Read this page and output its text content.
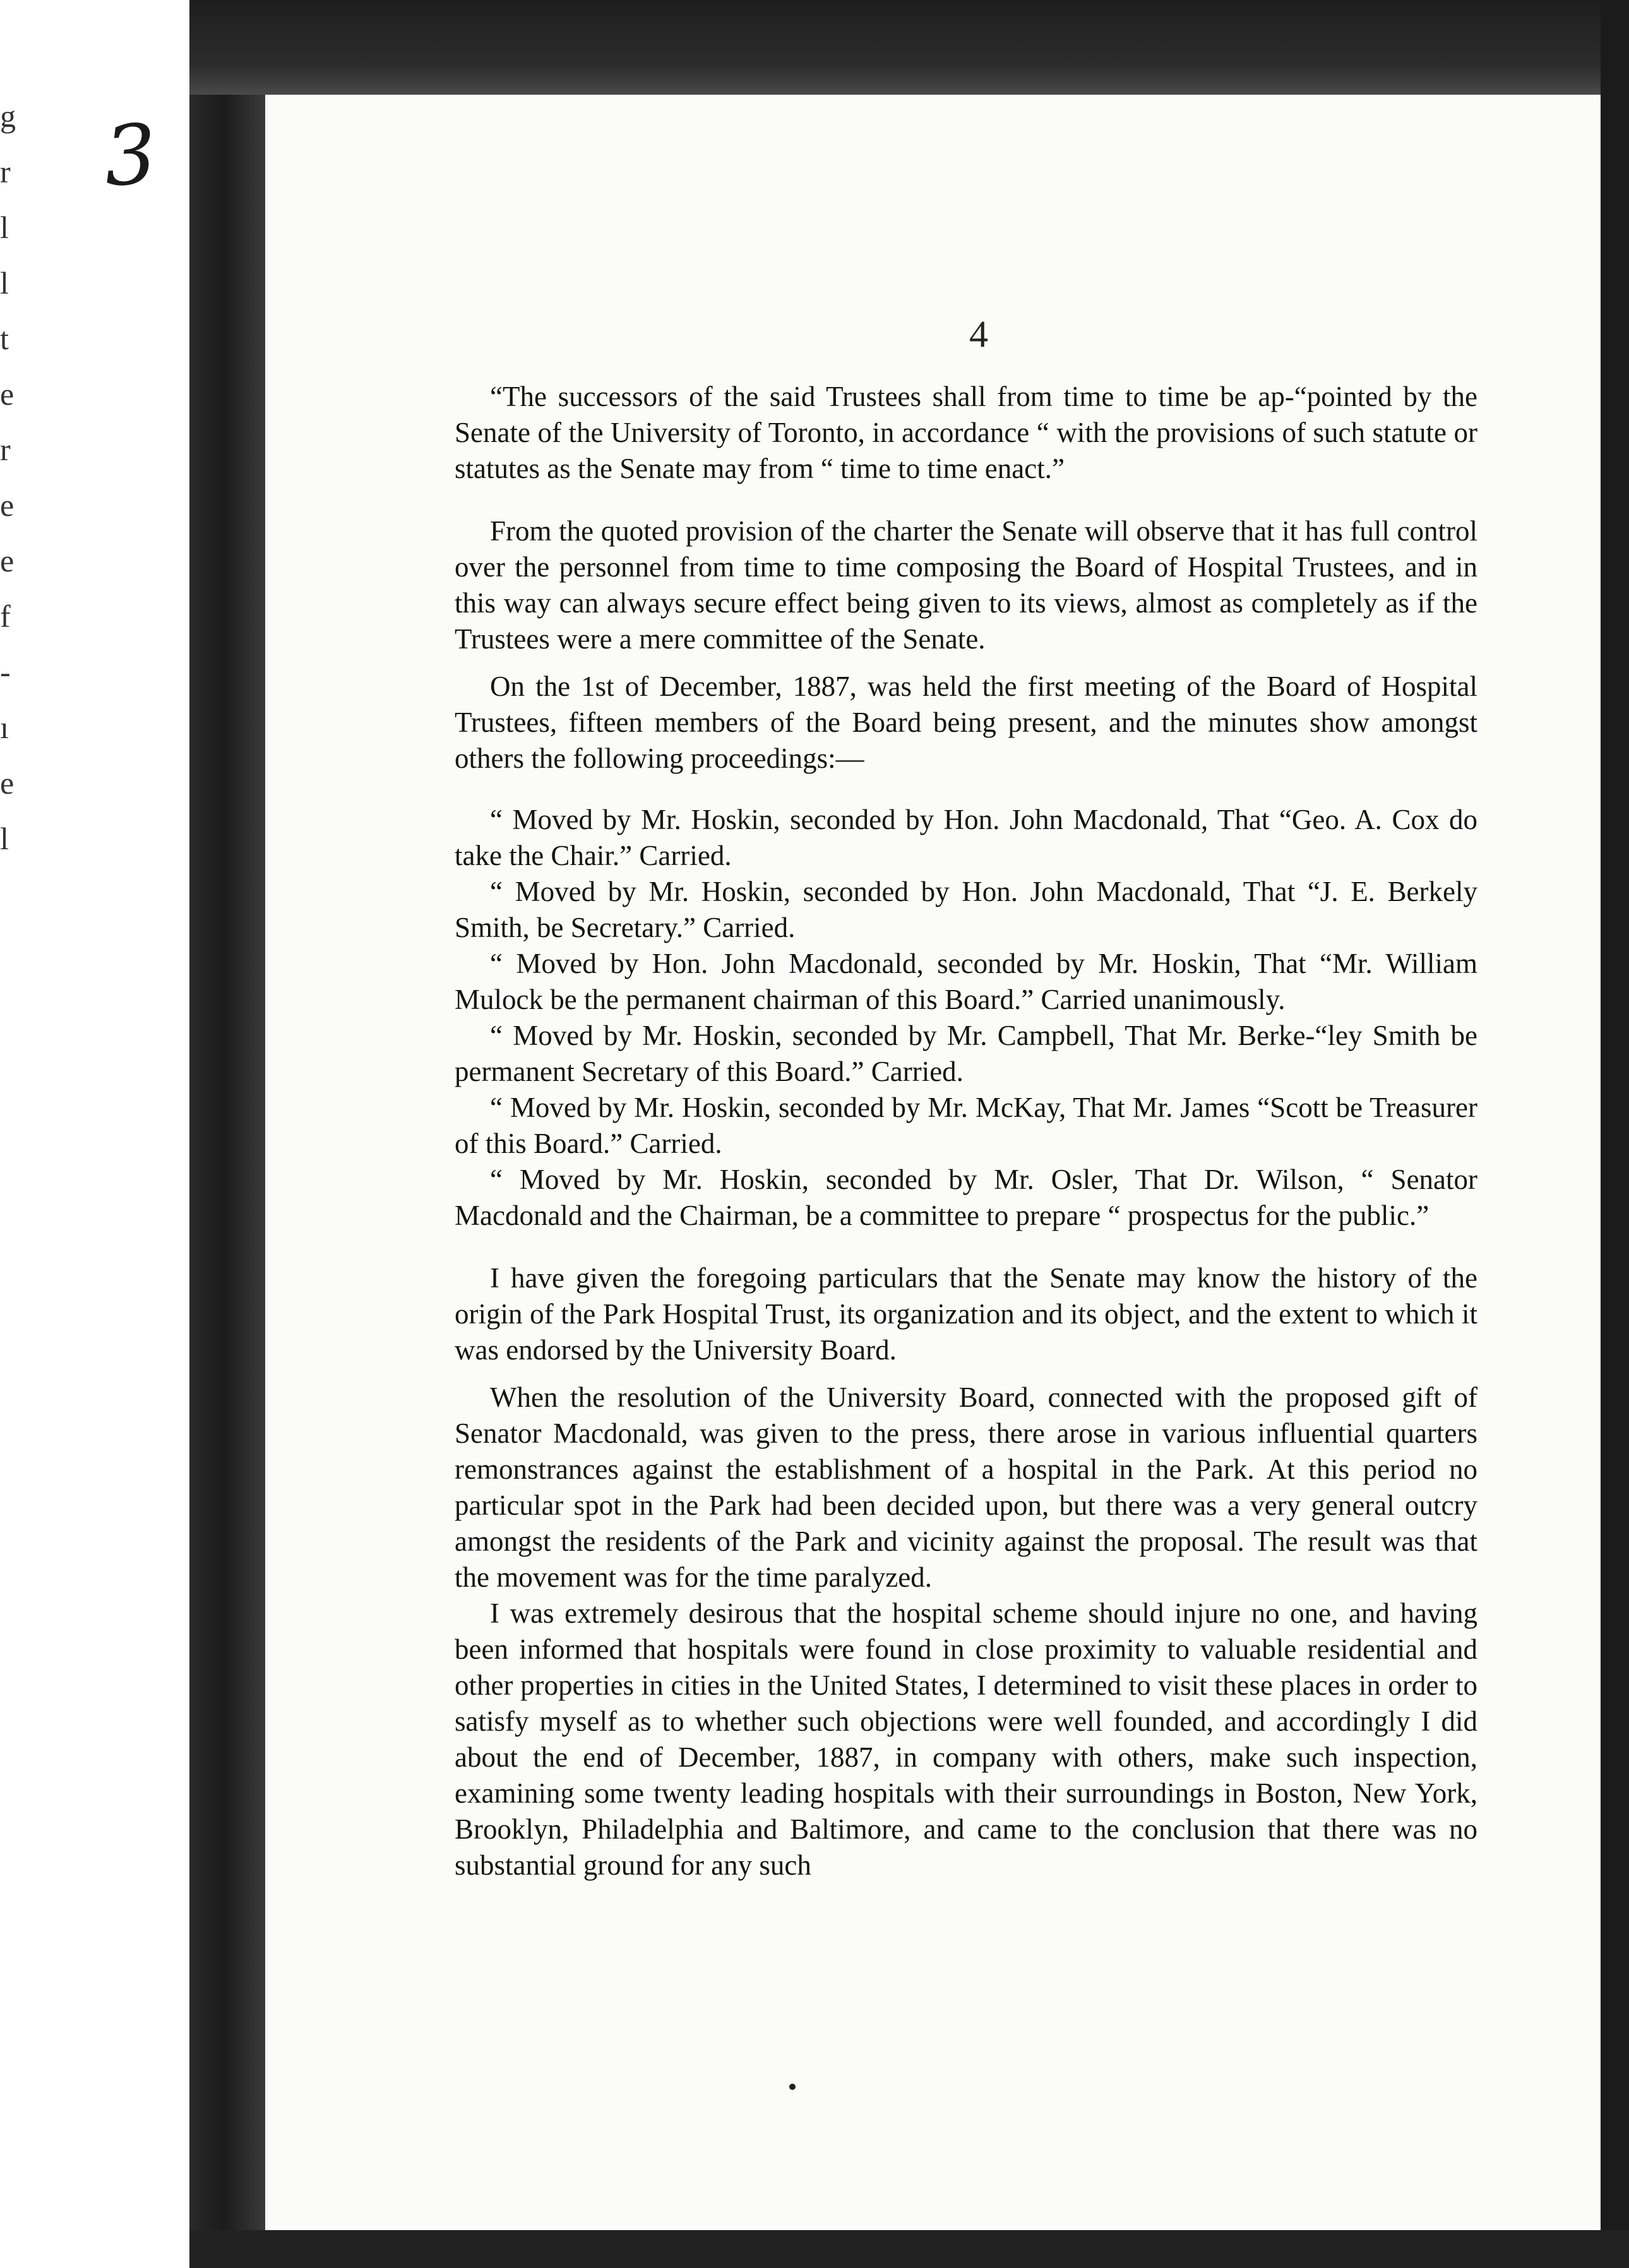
g
r
l
l
t
e
r
e
e
f
-
ı
e
l
3
4

“The successors of the said Trustees shall from time to time be ap-“pointed by the Senate of the University of Toronto, in accordance “ with the provisions of such statute or statutes as the Senate may from “ time to time enact.”

From the quoted provision of the charter the Senate will observe that it has full control over the personnel from time to time composing the Board of Hospital Trustees, and in this way can always secure effect being given to its views, almost as completely as if the Trustees were a mere committee of the Senate.

On the 1st of December, 1887, was held the first meeting of the Board of Hospital Trustees, fifteen members of the Board being present, and the minutes show amongst others the following proceedings:—

“ Moved by Mr. Hoskin, seconded by Hon. John Macdonald, That “Geo. A. Cox do take the Chair.” Carried.

“ Moved by Mr. Hoskin, seconded by Hon. John Macdonald, That “J. E. Berkely Smith, be Secretary.” Carried.

“ Moved by Hon. John Macdonald, seconded by Mr. Hoskin, That “Mr. William Mulock be the permanent chairman of this Board.” Carried unanimously.

“ Moved by Mr. Hoskin, seconded by Mr. Campbell, That Mr. Berke-“ley Smith be permanent Secretary of this Board.” Carried.

“ Moved by Mr. Hoskin, seconded by Mr. McKay, That Mr. James “Scott be Treasurer of this Board.” Carried.

“ Moved by Mr. Hoskin, seconded by Mr. Osler, That Dr. Wilson, “ Senator Macdonald and the Chairman, be a committee to prepare “ prospectus for the public.”

I have given the foregoing particulars that the Senate may know the history of the origin of the Park Hospital Trust, its organization and its object, and the extent to which it was endorsed by the University Board.

When the resolution of the University Board, connected with the proposed gift of Senator Macdonald, was given to the press, there arose in various influential quarters remonstrances against the establishment of a hospital in the Park. At this period no particular spot in the Park had been decided upon, but there was a very general outcry amongst the residents of the Park and vicinity against the proposal. The result was that the movement was for the time paralyzed.

I was extremely desirous that the hospital scheme should injure no one, and having been informed that hospitals were found in close proximity to valuable residential and other properties in cities in the United States, I determined to visit these places in order to satisfy myself as to whether such objections were well founded, and accordingly I did about the end of December, 1887, in company with others, make such inspection, examining some twenty leading hospitals with their surroundings in Boston, New York, Brooklyn, Philadelphia and Baltimore, and came to the conclusion that there was no substantial ground for any such
